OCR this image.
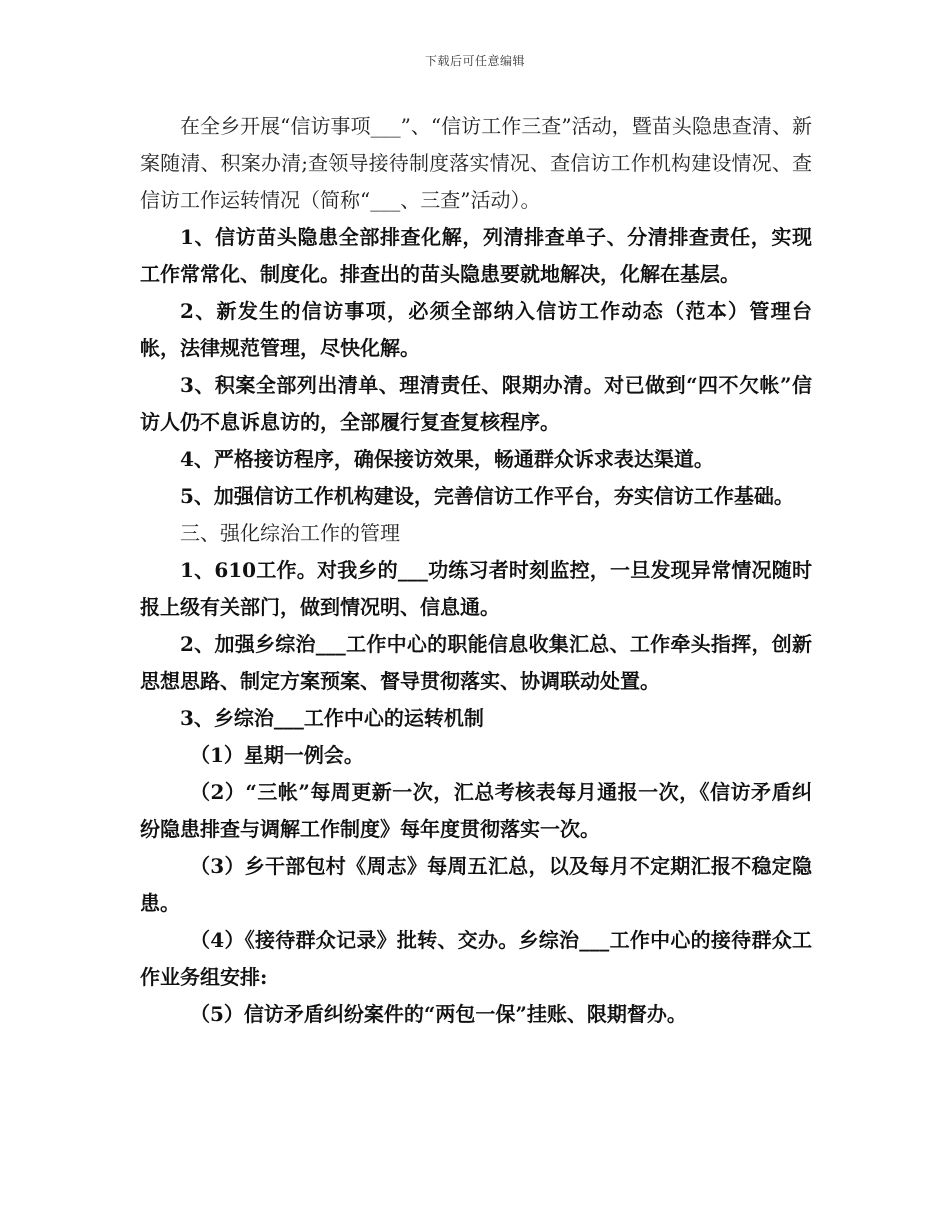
下载后可任意编辑

在全乡开展“信访事项___”、“信访工作三查”活动，暨苗头隐患查清、新案随清、积案办清;查领导接待制度落实情况、查信访工作机构建设情况、查信访工作运转情况（简称“___、三查”活动）。

1、信访苗头隐患全部排查化解，列清排查单子、分清排查责任，实现工作常常化、制度化。排查出的苗头隐患要就地解决，化解在基层。

2、新发生的信访事项，必须全部纳入信访工作动态（范本）管理台帐，法律规范管理，尽快化解。

3、积案全部列出清单、理清责任、限期办清。对已做到“四不欠帐”信访人仍不息诉息访的，全部履行复查复核程序。

4、严格接访程序，确保接访效果，畅通群众诉求表达渠道。

5、加强信访工作机构建设，完善信访工作平台，夯实信访工作基础。

三、强化综治工作的管理

1、610工作。对我乡的___功练习者时刻监控，一旦发现异常情况随时报上级有关部门，做到情况明、信息通。

2、加强乡综治___工作中心的职能信息收集汇总、工作牵头指挥，创新思想思路、制定方案预案、督导贯彻落实、协调联动处置。

3、乡综治___工作中心的运转机制

（1）星期一例会。

（2）“三帐”每周更新一次，汇总考核表每月通报一次，《信访矛盾纠纷隐患排查与调解工作制度》每年度贯彻落实一次。

（3）乡干部包村《周志》每周五汇总，以及每月不定期汇报不稳定隐患。

（4）《接待群众记录》批转、交办。乡综治___工作中心的接待群众工作业务组安排:

（5）信访矛盾纠纷案件的“两包一保”挂账、限期督办。
